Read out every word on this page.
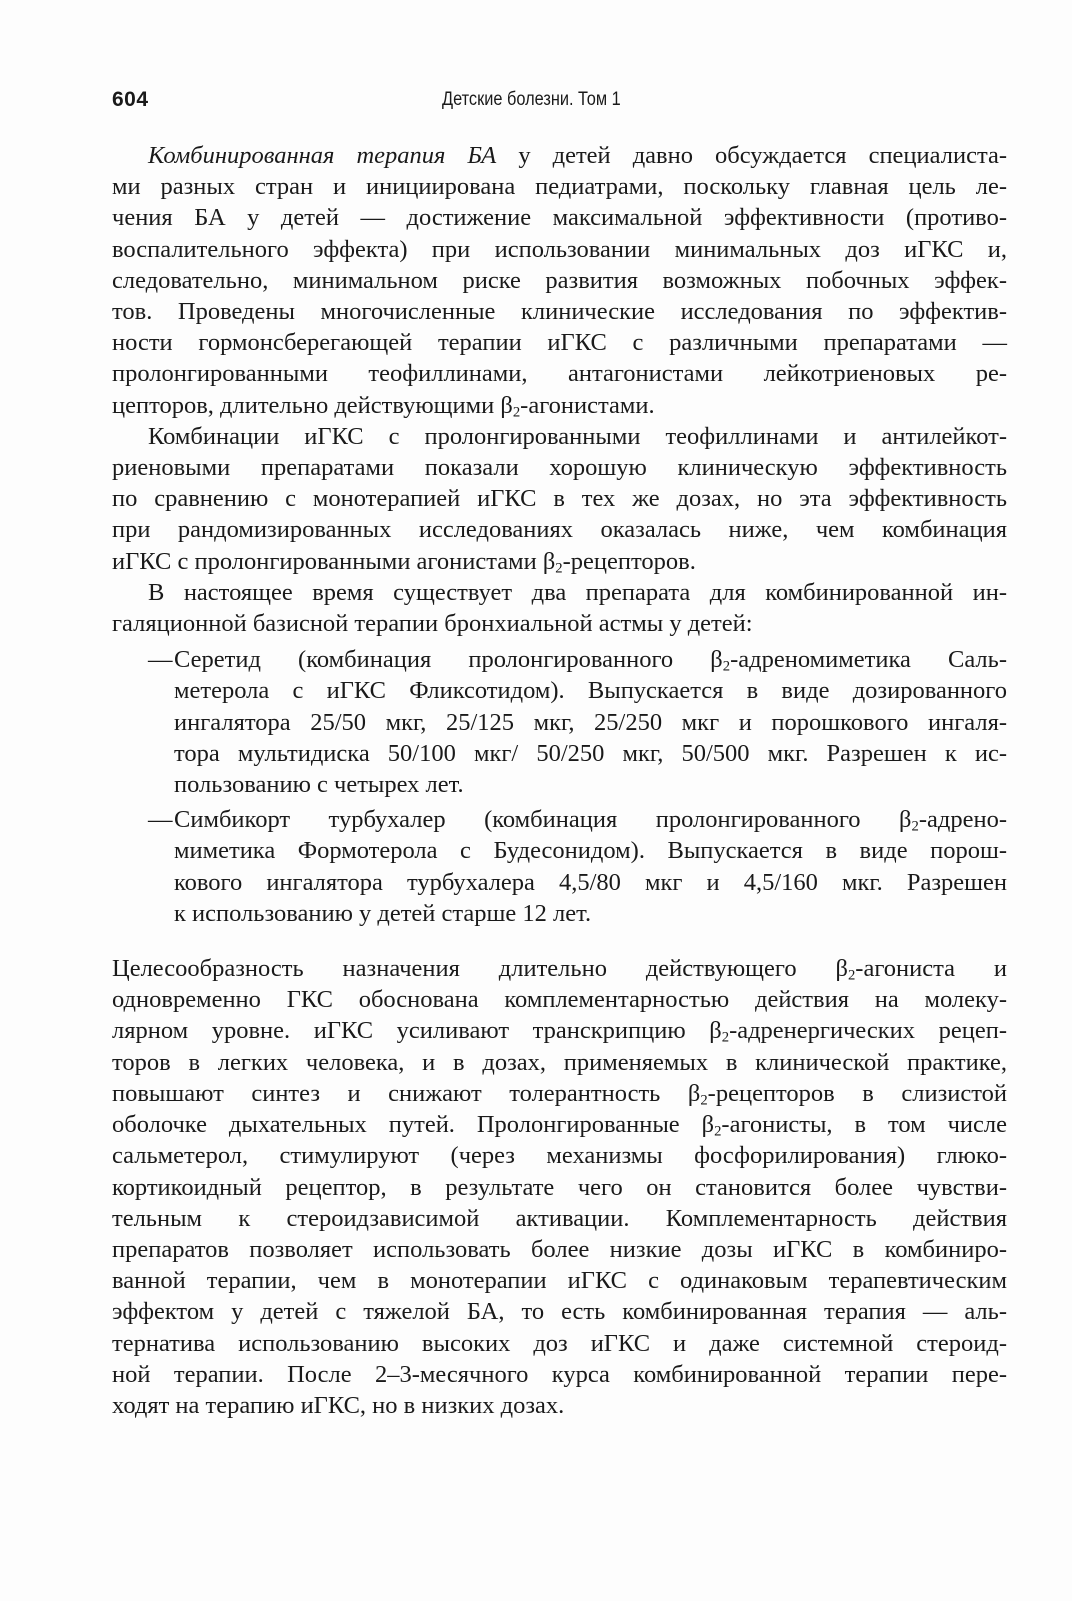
604	Детские болезни. Том 1
Комбинированная терапия БА у детей давно обсуждается специалиста-
ми разных стран и инициирована педиатрами, поскольку главная цель ле-
чения БА у детей — достижение максимальной эффективности (противо-
воспалительного эффекта) при использовании минимальных доз иГКС и,
следовательно, минимальном риске развития возможных побочных эффек-
тов. Проведены многочисленные клинические исследования по эффектив-
ности гормонсберегающей терапии иГКС с различными препаратами —
пролонгированными теофиллинами, антагонистами лейкотриеновых ре-
цепторов, длительно действующими $\beta_2$-агонистами.
Комбинации иГКС с пролонгированными теофиллинами и антилейкот-
риеновыми препаратами показали хорошую клиническую эффективность
по сравнению с монотерапией иГКС в тех же дозах, но эта эффективность
при рандомизированных исследованиях оказалась ниже, чем комбинация
иГКС с пролонгированными агонистами $\beta_2$-рецепторов.
В настоящее время существует два препарата для комбинированной ин-
галяционной базисной терапии бронхиальной астмы у детей:
— Серетид (комбинация пролонгированного $\beta_2$-адреномиметика Саль-
метерола с иГКС Фликсотидом). Выпускается в виде дозированного
ингалятора 25/50 мкг, 25/125 мкг, 25/250 мкг и порошкового ингаля-
тора мультидиска 50/100 мкг/ 50/250 мкг, 50/500 мкг. Разрешен к ис-
пользованию с четырех лет.
— Симбикорт турбухалер (комбинация пролонгированного $\beta_2-адрено-$
миметика Формотерола с Будесонидом). Выпускается в виде порош-
кового ингалятора турбухалера 4,5/80 мкг и 4,5/160 мкг. Разрешен
к использованию у детей старше 12 лет.
Целесообразность назначения длительно действующего $\beta_2$-агониста и
одновременно ГКС обоснована комплементарностью действия на молеку-
лярном уровне. иГКС усиливают транскрипцию $\beta_2$-адренергических рецеп-
торов в легких человека, и в дозах, применяемых в клинической практике,
повышают синтез и снижают толерантность $\beta_2$-рецепторов в слизистой
оболочке дыхательных путей. Пролонгированные $\beta_2$-агонисты, в том числе
сальметерол, стимулируют (через механизмы фосфорилирования) глюко-
кортикоидный рецептор, в результате чего он становится более чувстви-
тельным к стероидзависимой активации. Комплементарность действия
препаратов позволяет использовать более низкие дозы иГКС в комбиниро-
ванной терапии, чем в монотерапии иГКС с одинаковым терапевтическим
эффектом у детей с тяжелой БА, то есть комбинированная терапия — аль-
тернатива использованию высоких доз иГКС и даже системной стероид-
ной терапии. После 2–3-месячного курса комбинированной терапии пере-
ходят на терапию иГКС, но в низких дозах.
